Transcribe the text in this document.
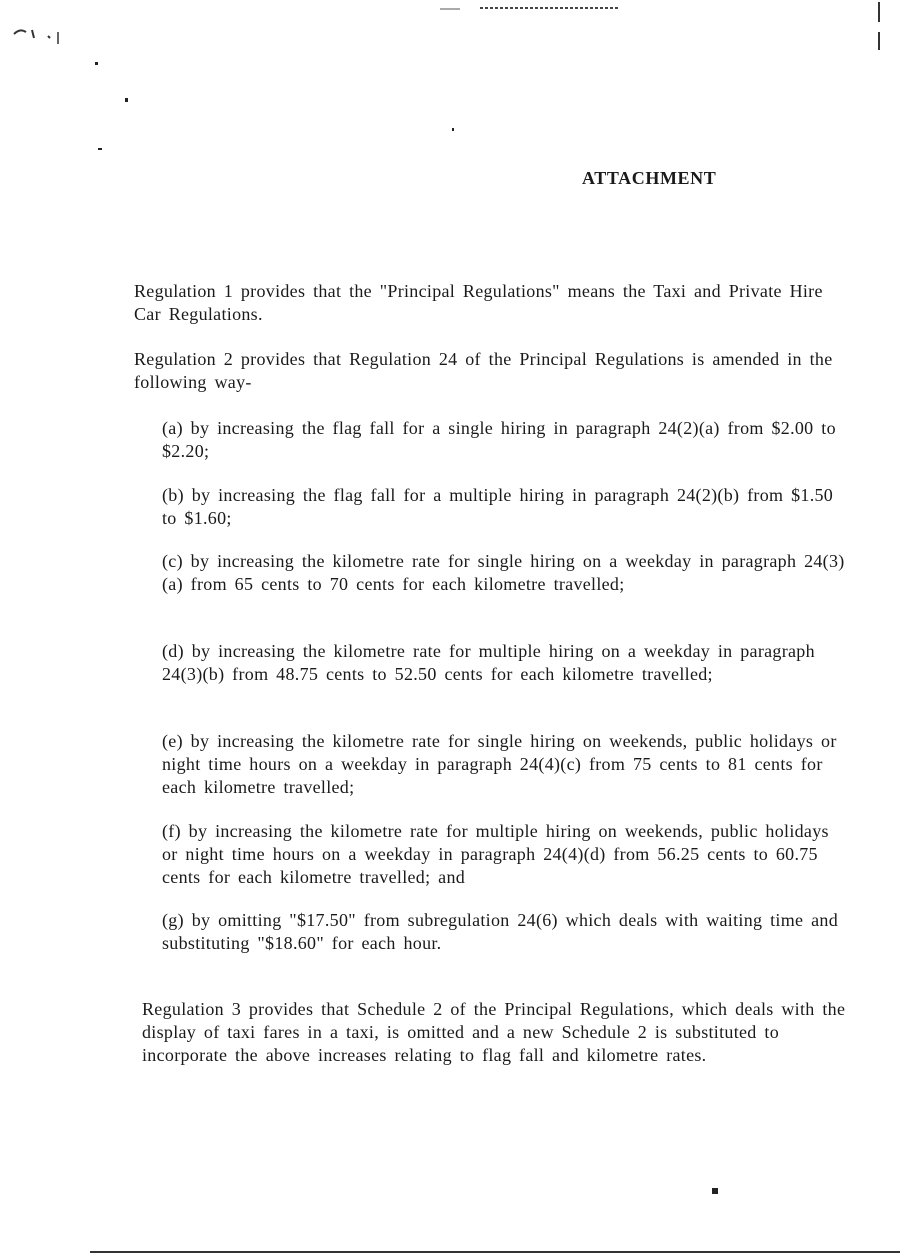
ATTACHMENT

Regulation 1 provides that the "Principal Regulations" means the Taxi and Private Hire Car Regulations.

Regulation 2 provides that Regulation 24 of the Principal Regulations is amended in the following way-

(a) by increasing the flag fall for a single hiring in paragraph 24(2)(a) from $2.00 to $2.20;

(b) by increasing the flag fall for a multiple hiring in paragraph 24(2)(b) from $1.50 to $1.60;

(c) by increasing the kilometre rate for single hiring on a weekday in paragraph 24(3)(a) from 65 cents to 70 cents for each kilometre travelled;

(d) by increasing the kilometre rate for multiple hiring on a weekday in paragraph 24(3)(b) from 48.75 cents to 52.50 cents for each kilometre travelled;

(e) by increasing the kilometre rate for single hiring on weekends, public holidays or night time hours on a weekday in paragraph 24(4)(c) from 75 cents to 81 cents for each kilometre travelled;

(f) by increasing the kilometre rate for multiple hiring on weekends, public holidays or night time hours on a weekday in paragraph 24(4)(d) from 56.25 cents to 60.75 cents for each kilometre travelled; and

(g) by omitting "$17.50" from subregulation 24(6) which deals with waiting time and substituting "$18.60" for each hour.

Regulation 3 provides that Schedule 2 of the Principal Regulations, which deals with the display of taxi fares in a taxi, is omitted and a new Schedule 2 is substituted to incorporate the above increases relating to flag fall and kilometre rates.
